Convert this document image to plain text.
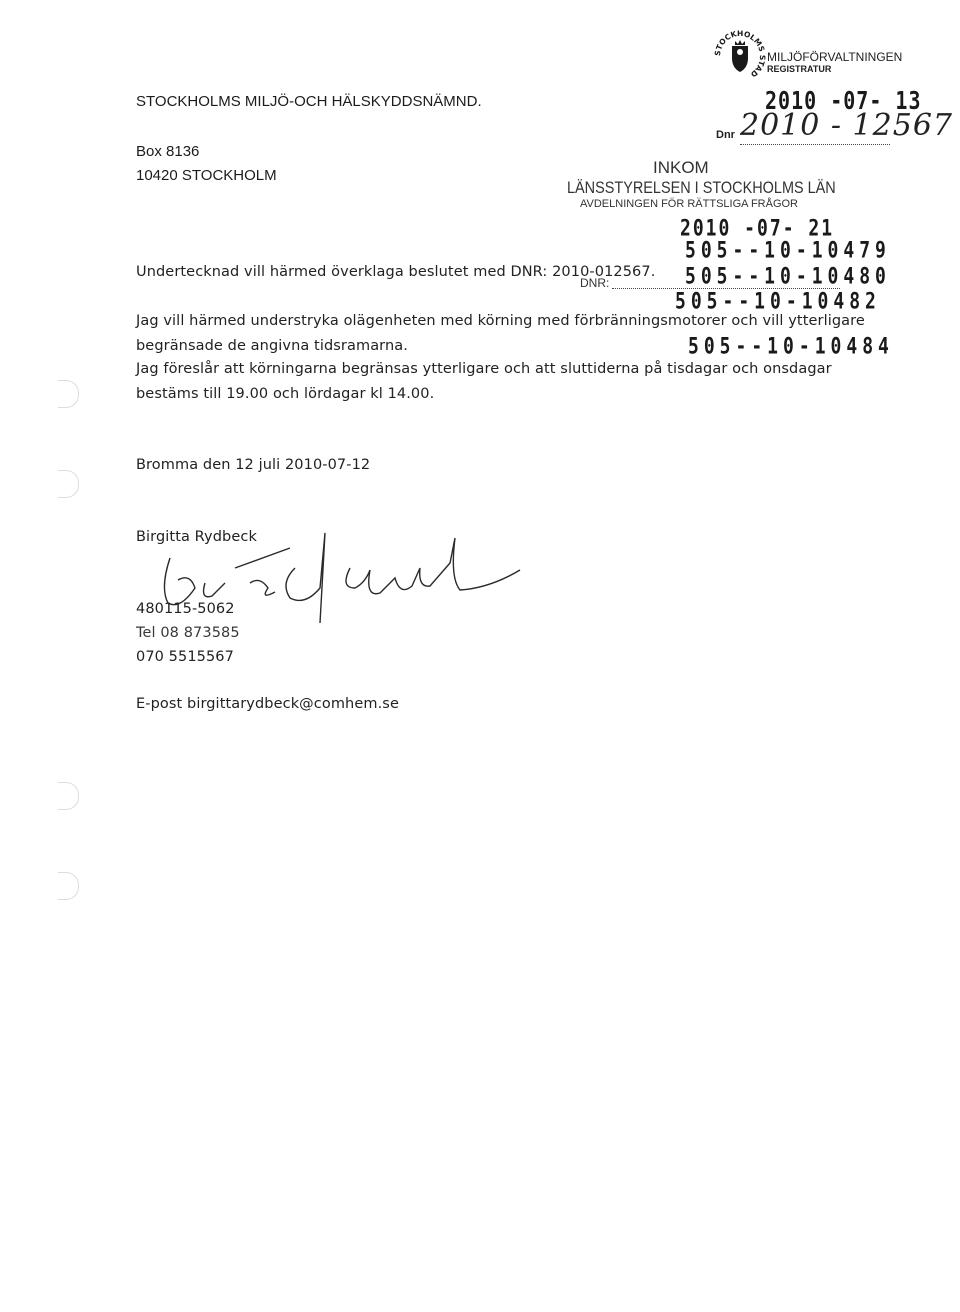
STOCKHOLMS MILJÖ-OCH HÄLSKYDDSNÄMND.
Box 8136
10420 STOCKHOLM
STOCKHOLMS STAD
MILJÖFÖRVALTNINGEN
REGISTRATUR
2010 -07- 13
Dnr 2010 - 12567
INKOM
LÄNSSTYRELSEN I STOCKHOLMS LÄN
AVDELNINGEN FÖR RÄTTSLIGA FRÅGOR
2010 -07- 21
DNR:
505--10-10479
505--10-10480
505--10-10482
505--10-10484
Undertecknad vill härmed överklaga beslutet med DNR: 2010-012567.
Jag vill härmed understryka olägenheten med körning med förbränningsmotorer och vill ytterligare
begränsade de angivna tidsramarna.
Jag föreslår att körningarna begränsas ytterligare och att sluttiderna på tisdagar och onsdagar
bestäms till 19.00 och lördagar kl 14.00.
Bromma den 12 juli 2010-07-12
Birgitta Rydbeck
480115-5062
Tel 08 873585
070 5515567
E-post birgittarydbeck@comhem.se
